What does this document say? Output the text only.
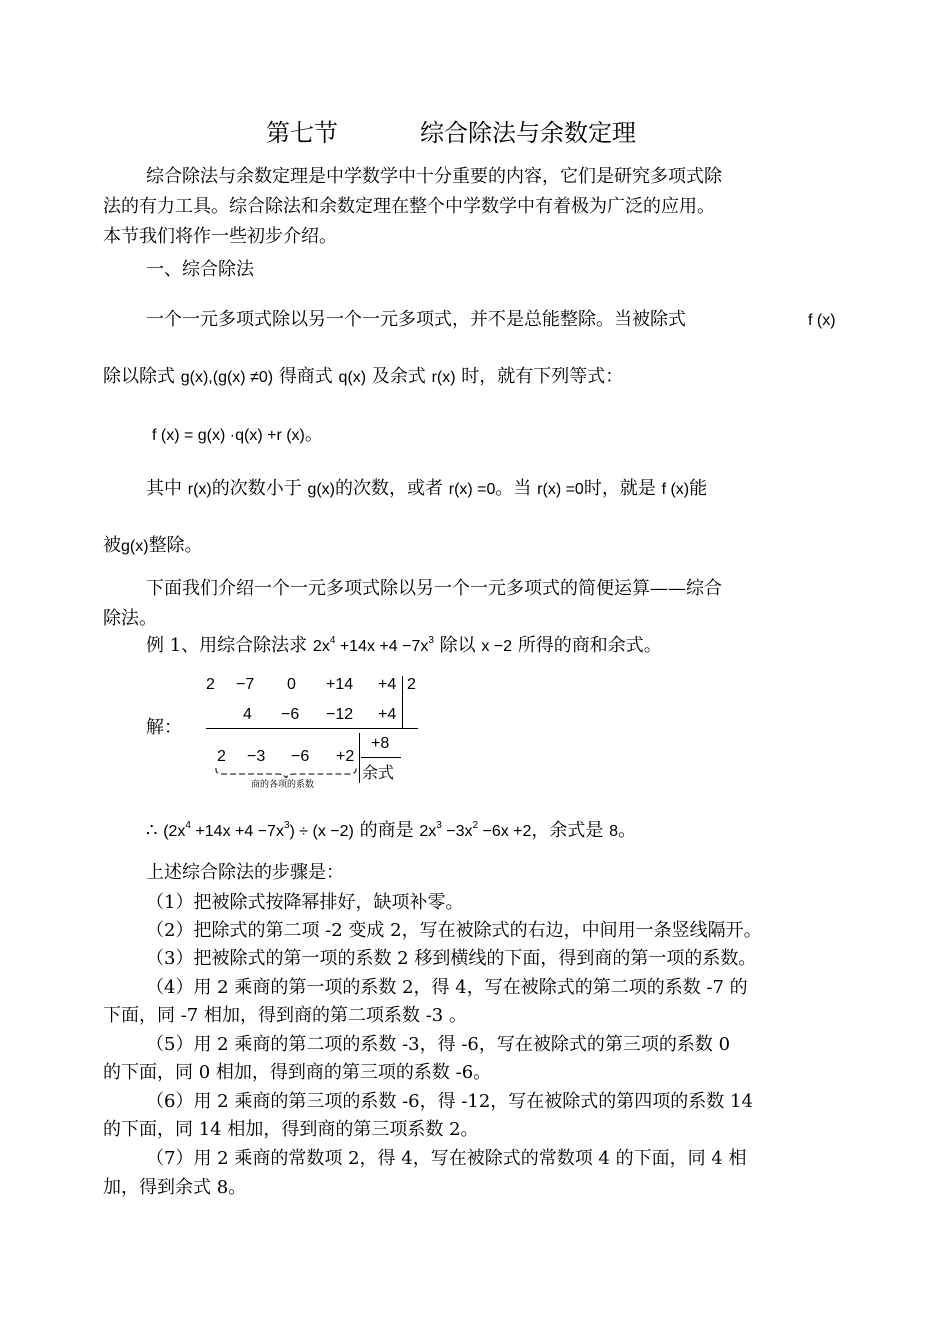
第七节	综合除法与余数定理
综合除法与余数定理是中学数学中十分重要的内容，它们是研究多项式除
法的有力工具。综合除法和余数定理在整个中学数学中有着极为广泛的应用。
本节我们将作一些初步介绍。
一、综合除法
一个一元多项式除以另一个一元多项式，并不是总能整除。当被除式	f (x)
除以除式 g(x),(g(x) ≠0) 得商式 q(x) 及余式 r(x) 时，就有下列等式：
f (x) = g(x) ·q(x) +r (x)。
其中 r(x)的次数小于 g(x)的次数，或者 r(x) =0。当 r(x) =0时，就是 f (x)能
被g(x)整除。
下面我们介绍一个一元多项式除以另一个一元多项式的简便运算——综合
除法。
例 1、用综合除法求 $2x^4 +14x +4 -7x^3$ 除以 x −2 所得的商和余式。
解：
2 −7 0 +14 +4 2
4 −6 −12 +4
2 −3 −6 +2
+8
余式
商的各项的系数
∴ $(2x^4 +14x +4 -7x^3) \div (x -2)$ 的商是 $2x^3 -3x^2 -6x +2$，余式是 8。
上述综合除法的步骤是：
（1）把被除式按降幂排好，缺项补零。
（2）把除式的第二项 -2 变成 2，写在被除式的右边，中间用一条竖线隔开。
（3）把被除式的第一项的系数 2 移到横线的下面，得到商的第一项的系数。
（4）用 2 乘商的第一项的系数 2，得 4，写在被除式的第二项的系数 -7 的
下面，同 -7 相加，得到商的第二项系数 -3 。
（5）用 2 乘商的第二项的系数 -3，得 -6，写在被除式的第三项的系数 0
的下面，同 0 相加，得到商的第三项的系数 -6。
（6）用 2 乘商的第三项的系数 -6，得 -12，写在被除式的第四项的系数 14
的下面，同 14 相加，得到商的第三项系数 2。
（7）用 2 乘商的常数项 2，得 4，写在被除式的常数项 4 的下面，同 4 相
加，得到余式 8。
